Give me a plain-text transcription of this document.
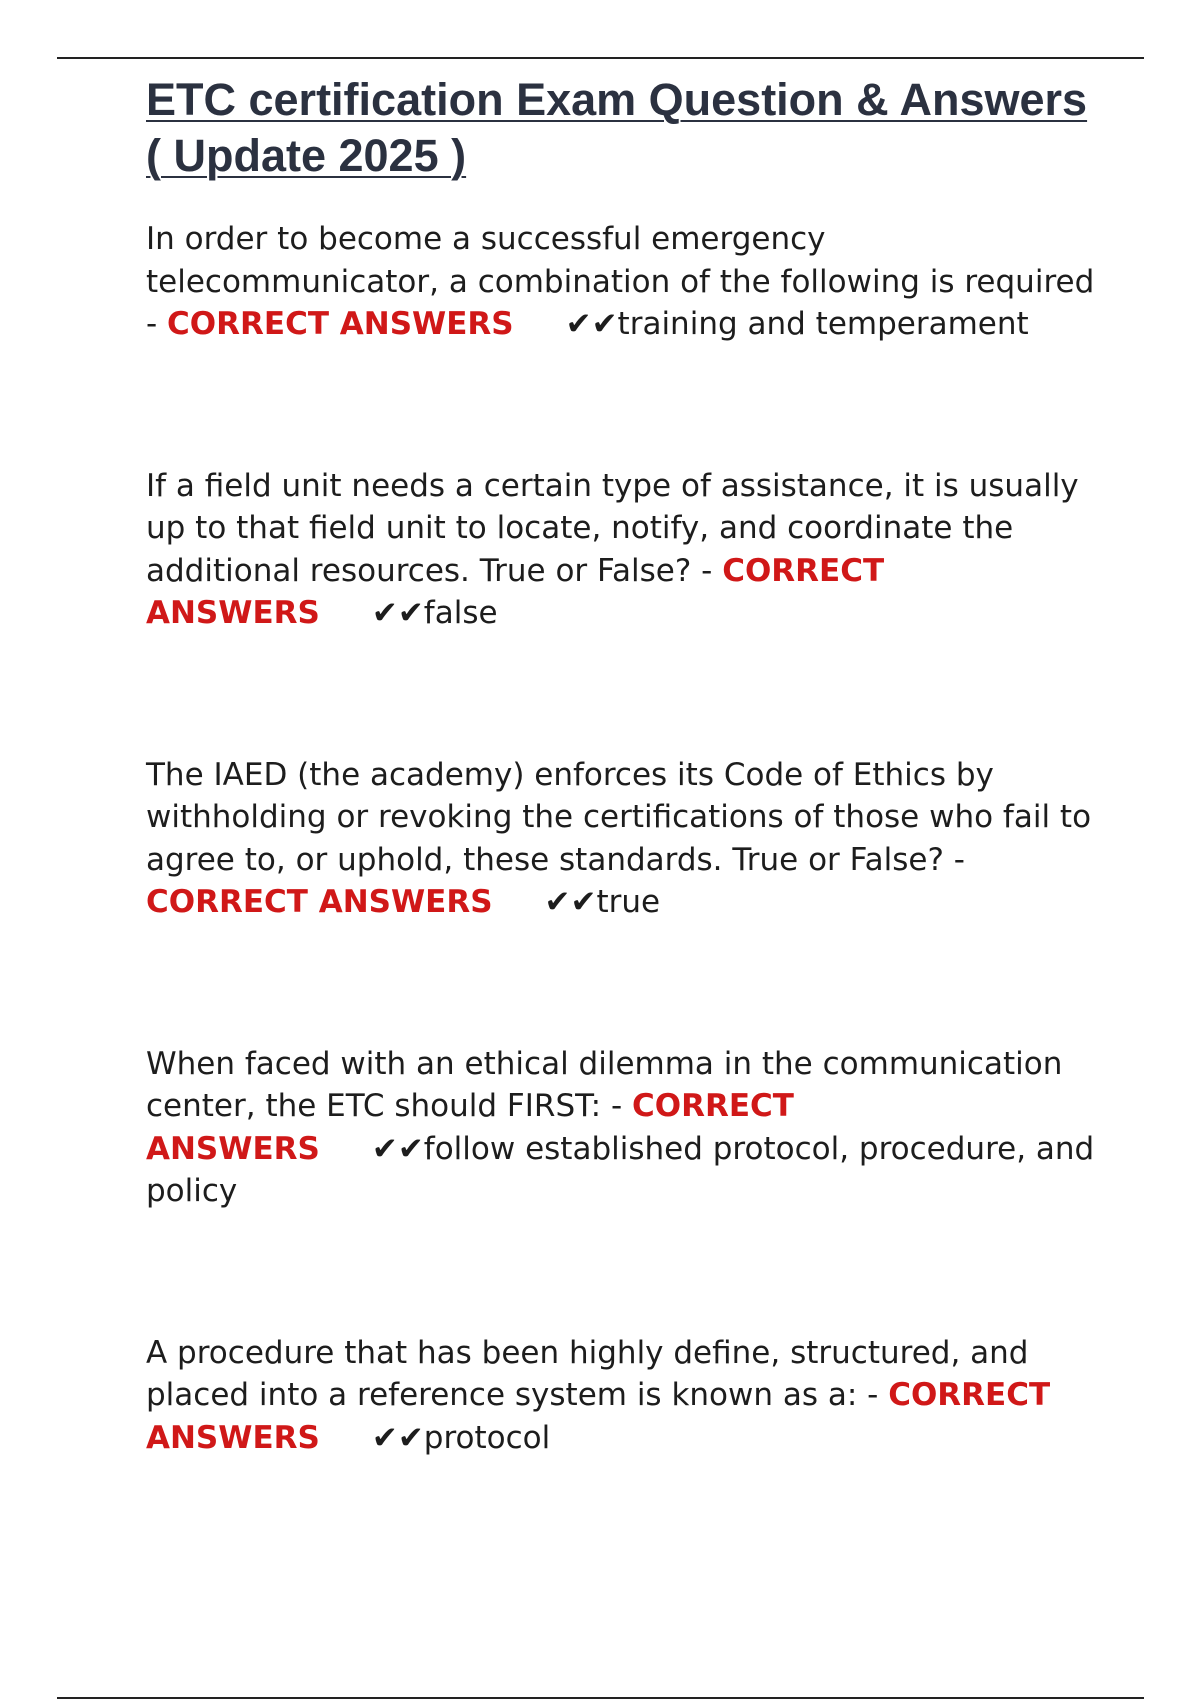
ETC certification Exam Question & Answers ( Update 2025 )

In order to become a successful emergency telecommunicator, a combination of the following is required - CORRECT ANSWERS ✔✔training and temperament

If a field unit needs a certain type of assistance, it is usually up to that field unit to locate, notify, and coordinate the additional resources. True or False? - CORRECT ANSWERS ✔✔false

The IAED (the academy) enforces its Code of Ethics by withholding or revoking the certifications of those who fail to agree to, or uphold, these standards. True or False? - CORRECT ANSWERS ✔✔true

When faced with an ethical dilemma in the communication center, the ETC should FIRST: - CORRECT ANSWERS ✔✔follow established protocol, procedure, and policy

A procedure that has been highly define, structured, and placed into a reference system is known as a: - CORRECT ANSWERS ✔✔protocol
